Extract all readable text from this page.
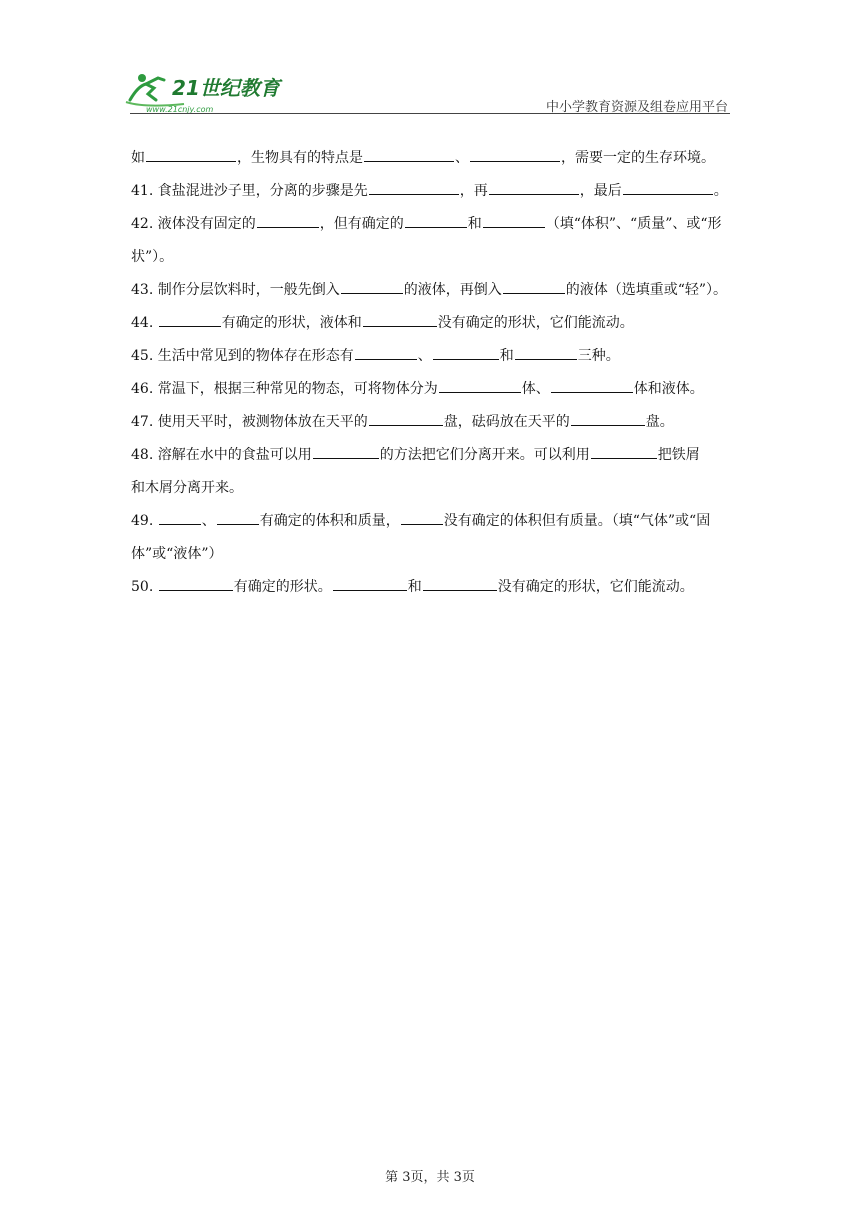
21世纪教育
www.21cnjy.com	中小学教育资源及组卷应用平台
如	，生物具有的特点是	、	，需要一定的生存环境。
41. 食盐混进沙子里，分离的步骤是先	，再	，最后	。
42. 液体没有固定的	，但有确定的	和	（填“体积”、“质量”、或“形
状”）。
43. 制作分层饮料时，一般先倒入	的液体，再倒入	的液体（选填重或“轻”）。
44.	有确定的形状，液体和	没有确定的形状，它们能流动。
45. 生活中常见到的物体存在形态有	、	和	三种。
46. 常温下，根据三种常见的物态，可将物体分为	体、	体和液体。
47. 使用天平时，被测物体放在天平的	盘，砝码放在天平的	盘。
48. 溶解在水中的食盐可以用	的方法把它们分离开来。可以利用	把铁屑
和木屑分离开来。
49.	、	有确定的体积和质量，	没有确定的体积但有质量。（填“气体”或“固
体”或“液体”）
50.	有确定的形状。	和	没有确定的形状，它们能流动。
第 3页，共 3页
